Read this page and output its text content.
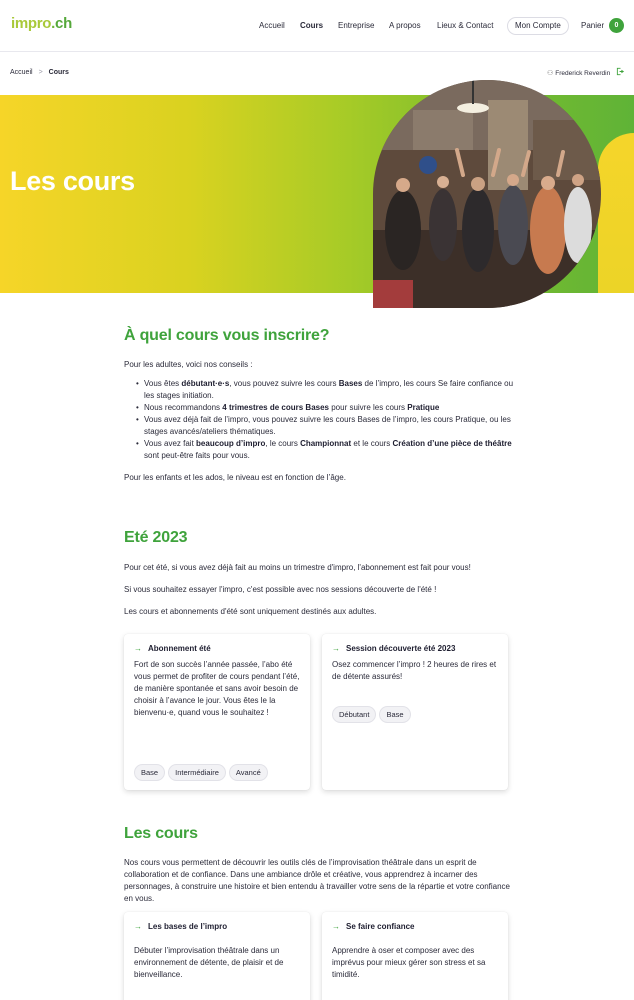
impro.ch	Accueil Cours Entreprise A propos Lieux & Contact	Mon Compte	Panier	0
Accueil > Cours	⚇ Frederick Reverdin
Les cours
À quel cours vous inscrire?

Pour les adultes, voici nos conseils :

• Vous êtes débutant·e·s, vous pouvez suivre les cours Bases de l’impro, les cours Se faire confiance ou les stages initiation.
• Nous recommandons 4 trimestres de cours Bases pour suivre les cours Pratique
• Vous avez déjà fait de l’impro, vous pouvez suivre les cours Bases de l’impro, les cours Pratique, ou les stages avancés/ateliers thématiques.
• Vous avez fait beaucoup d’impro, le cours Championnat et le cours Création d’une pièce de théâtre sont peut-être faits pour vous.

Pour les enfants et les ados, le niveau est en fonction de l’âge.

Eté 2023

Pour cet été, si vous avez déjà fait au moins un trimestre d'impro, l'abonnement est fait pour vous!

Si vous souhaitez essayer l'impro, c'est possible avec nos sessions découverte de l'été !

Les cours et abonnements d'été sont uniquement destinés aux adultes.

→ Abonnement été
Fort de son succès l’année passée, l’abo été vous permet de profiter de cours pendant l’été, de manière spontanée et sans avoir besoin de choisir à l’avance le jour. Vous êtes le la bienvenu·e, quand vous le souhaitez !
Base Intermédiaire Avancé
→ Session découverte été 2023
Osez commencer l’impro ! 2 heures de rires et de détente assurés!
Débutant Base
Les cours

Nos cours vous permettent de découvrir les outils clés de l’improvisation théâtrale dans un esprit de collaboration et de confiance. Dans une ambiance drôle et créative, vous apprendrez à incarner des personnages, à construire une histoire et bien entendu à travailler votre sens de la répartie et votre confiance en vous.

→ Les bases de l’impro
Débuter l’improvisation théâtrale dans un environnement de détente, de plaisir et de bienveillance.
→ Se faire confiance
Apprendre à oser et composer avec des imprévus pour mieux gérer son stress et sa timidité.
